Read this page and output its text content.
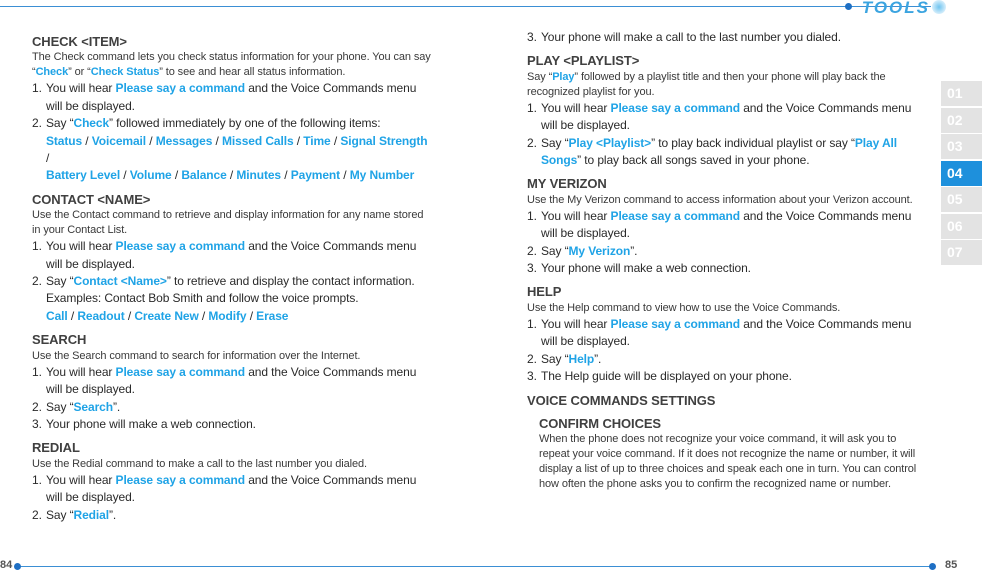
84
CHECK <ITEM>
The Check command lets you check status information for your phone. You can say
“Check” or “Check Status” to see and hear all status information.
1. You will hear Please say a command and the Voice Commands menu will be displayed.
2. Say “Check” followed immediately by one of the following items:
Status / Voicemail / Messages / Missed Calls / Time / Signal Strength /
Battery Level / Volume / Balance / Minutes / Payment / My Number
CONTACT <NAME>
Use the Contact command to retrieve and display information for any name stored in your Contact List.
1. You will hear Please say a command and the Voice Commands menu will be displayed.
2. Say “Contact <Name>” to retrieve and display the contact information.
Examples: Contact Bob Smith and follow the voice prompts.
Call / Readout / Create New / Modify / Erase
SEARCH
Use the Search command to search for information over the Internet.
1. You will hear Please say a command and the Voice Commands menu will be displayed.
2. Say “Search”.
3. Your phone will make a web connection.
REDIAL
Use the Redial command to make a call to the last number you dialed.
1. You will hear Please say a command and the Voice Commands menu will be displayed.
2. Say “Redial”.
TOOLS
85
01
02
03
04
05
06
07
3. Your phone will make a call to the last number you dialed.
PLAY <PLAYLIST>
Say “Play” followed by a playlist title and then your phone will play back the recognized playlist for you.
1. You will hear Please say a command and the Voice Commands menu will be displayed.
2. Say “Play <Playlist>” to play back individual playlist or say “Play All Songs” to play back all songs saved in your phone.
MY VERIZON
Use the My Verizon command to access information about your Verizon account.
1. You will hear Please say a command and the Voice Commands menu will be displayed.
2. Say “My Verizon”.
3. Your phone will make a web connection.
HELP
Use the Help command to view how to use the Voice Commands.
1. You will hear Please say a command and the Voice Commands menu will be displayed.
2. Say “Help”.
3. The Help guide will be displayed on your phone.
VOICE COMMANDS SETTINGS
CONFIRM CHOICES
When the phone does not recognize your voice command, it will ask you to repeat your voice command. If it does not recognize the name or number, it will display a list of up to three choices and speak each one in turn. You can control how often the phone asks you to confirm the recognized name or number.
